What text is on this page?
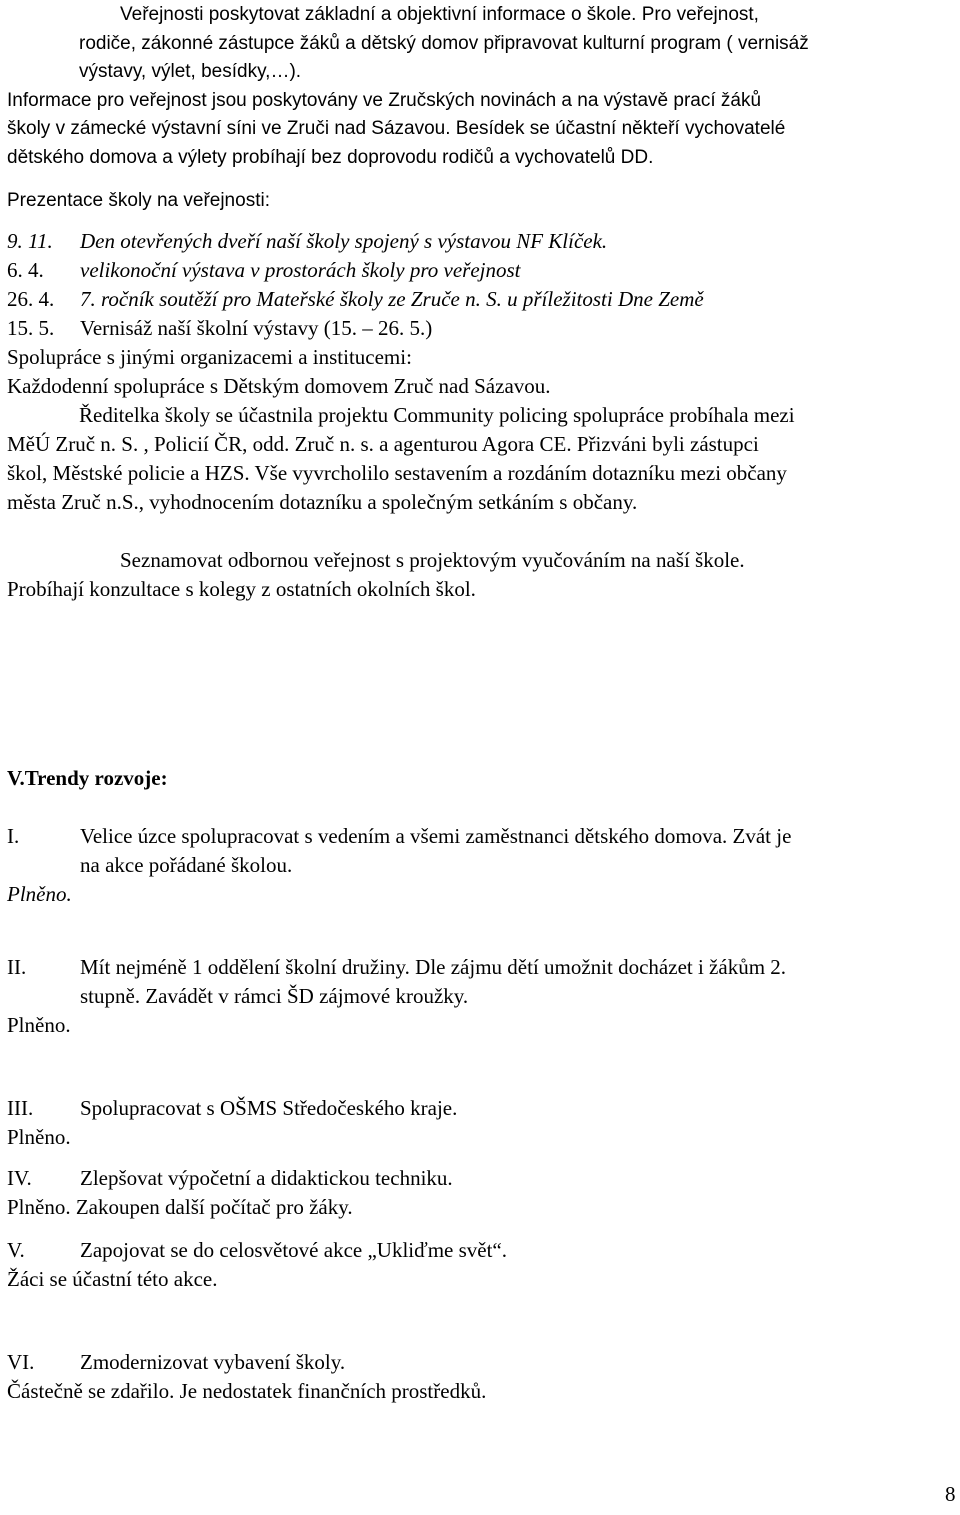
Veřejnosti poskytovat základní a objektivní informace o škole. Pro veřejnost,
rodiče, zákonné zástupce žáků a dětský domov připravovat kulturní program ( vernisáž
výstavy, výlet, besídky,…).
Informace pro veřejnost jsou poskytovány ve Zručských novinách a na výstavě prací žáků
školy v zámecké výstavní síni ve Zruči nad Sázavou. Besídek se účastní někteří vychovatelé
dětského domova a výlety probíhají bez doprovodu rodičů a vychovatelů DD.
Prezentace školy na veřejnosti:
9. 11. Den otevřených dveří naší školy spojený s výstavou NF Klíček.
6. 4. velikonoční výstava v prostorách školy pro veřejnost
26. 4. 7. ročník soutěží pro Mateřské školy ze Zruče n. S. u příležitosti Dne Země
15. 5. Vernisáž naší školní výstavy (15. – 26. 5.)
Spolupráce s jinými organizacemi a institucemi:
Každodenní spolupráce s Dětským domovem Zruč nad Sázavou.
Ředitelka školy se účastnila projektu Community policing spolupráce probíhala mezi
MěÚ Zruč n. S. , Policií ČR, odd. Zruč n. s. a agenturou Agora CE. Přizváni byli zástupci
škol, Městské policie a HZS. Vše vyvrcholilo sestavením a rozdáním dotazníku mezi občany
města Zruč n.S., vyhodnocením dotazníku a společným setkáním s občany.
Seznamovat odbornou veřejnost s projektovým vyučováním na naší škole.
Probíhají konzultace s kolegy z ostatních okolních škol.
V.Trendy rozvoje:
I.	Velice úzce spolupracovat s vedením a všemi zaměstnanci dětského domova. Zvát je
na akce pořádané školou.
Plněno.
II.	Mít nejméně 1 oddělení školní družiny. Dle zájmu dětí umožnit docházet i žákům 2.
stupně. Zavádět v rámci ŠD zájmové kroužky.
Plněno.
III. Spolupracovat s OŠMS Středočeského kraje.
Plněno.
IV. Zlepšovat výpočetní a didaktickou techniku.
Plněno. Zakoupen další počítač pro žáky.
V.	Zapojovat se do celosvětové akce „Ukliďme svět“.
Žáci se účastní této akce.
VI. Zmodernizovat vybavení školy.
Částečně se zdařilo. Je nedostatek finančních prostředků.
8
